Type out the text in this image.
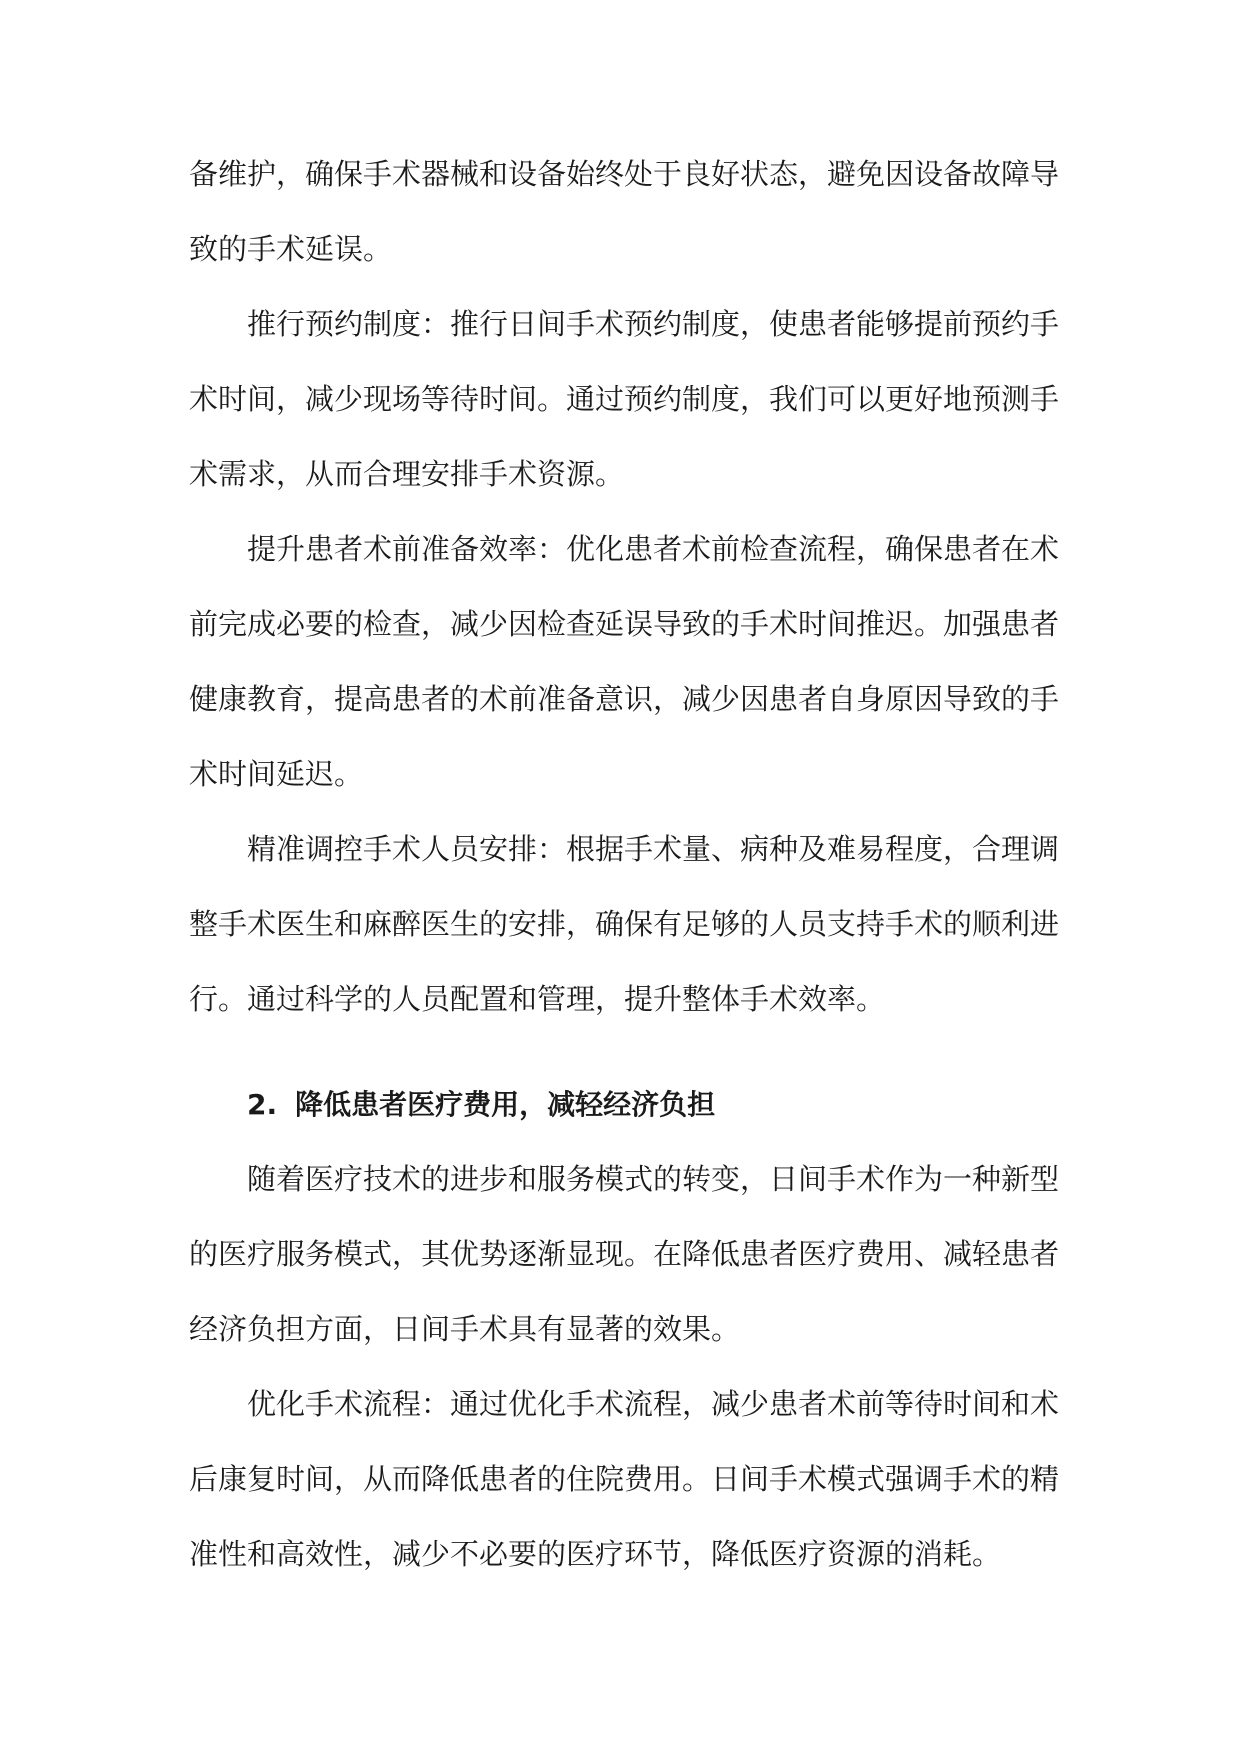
备维护，确保手术器械和设备始终处于良好状态，避免因设备故障导
致的手术延误。
推行预约制度：推行日间手术预约制度，使患者能够提前预约手
术时间，减少现场等待时间。通过预约制度，我们可以更好地预测手
术需求，从而合理安排手术资源。
提升患者术前准备效率：优化患者术前检查流程，确保患者在术
前完成必要的检查，减少因检查延误导致的手术时间推迟。加强患者
健康教育，提高患者的术前准备意识，减少因患者自身原因导致的手
术时间延迟。
精准调控手术人员安排：根据手术量、病种及难易程度，合理调
整手术医生和麻醉医生的安排，确保有足够的人员支持手术的顺利进
行。通过科学的人员配置和管理，提升整体手术效率。
2. 降低患者医疗费用，减轻经济负担
随着医疗技术的进步和服务模式的转变，日间手术作为一种新型
的医疗服务模式，其优势逐渐显现。在降低患者医疗费用、减轻患者
经济负担方面，日间手术具有显著的效果。
优化手术流程：通过优化手术流程，减少患者术前等待时间和术
后康复时间，从而降低患者的住院费用。日间手术模式强调手术的精
准性和高效性，减少不必要的医疗环节，降低医疗资源的消耗。
